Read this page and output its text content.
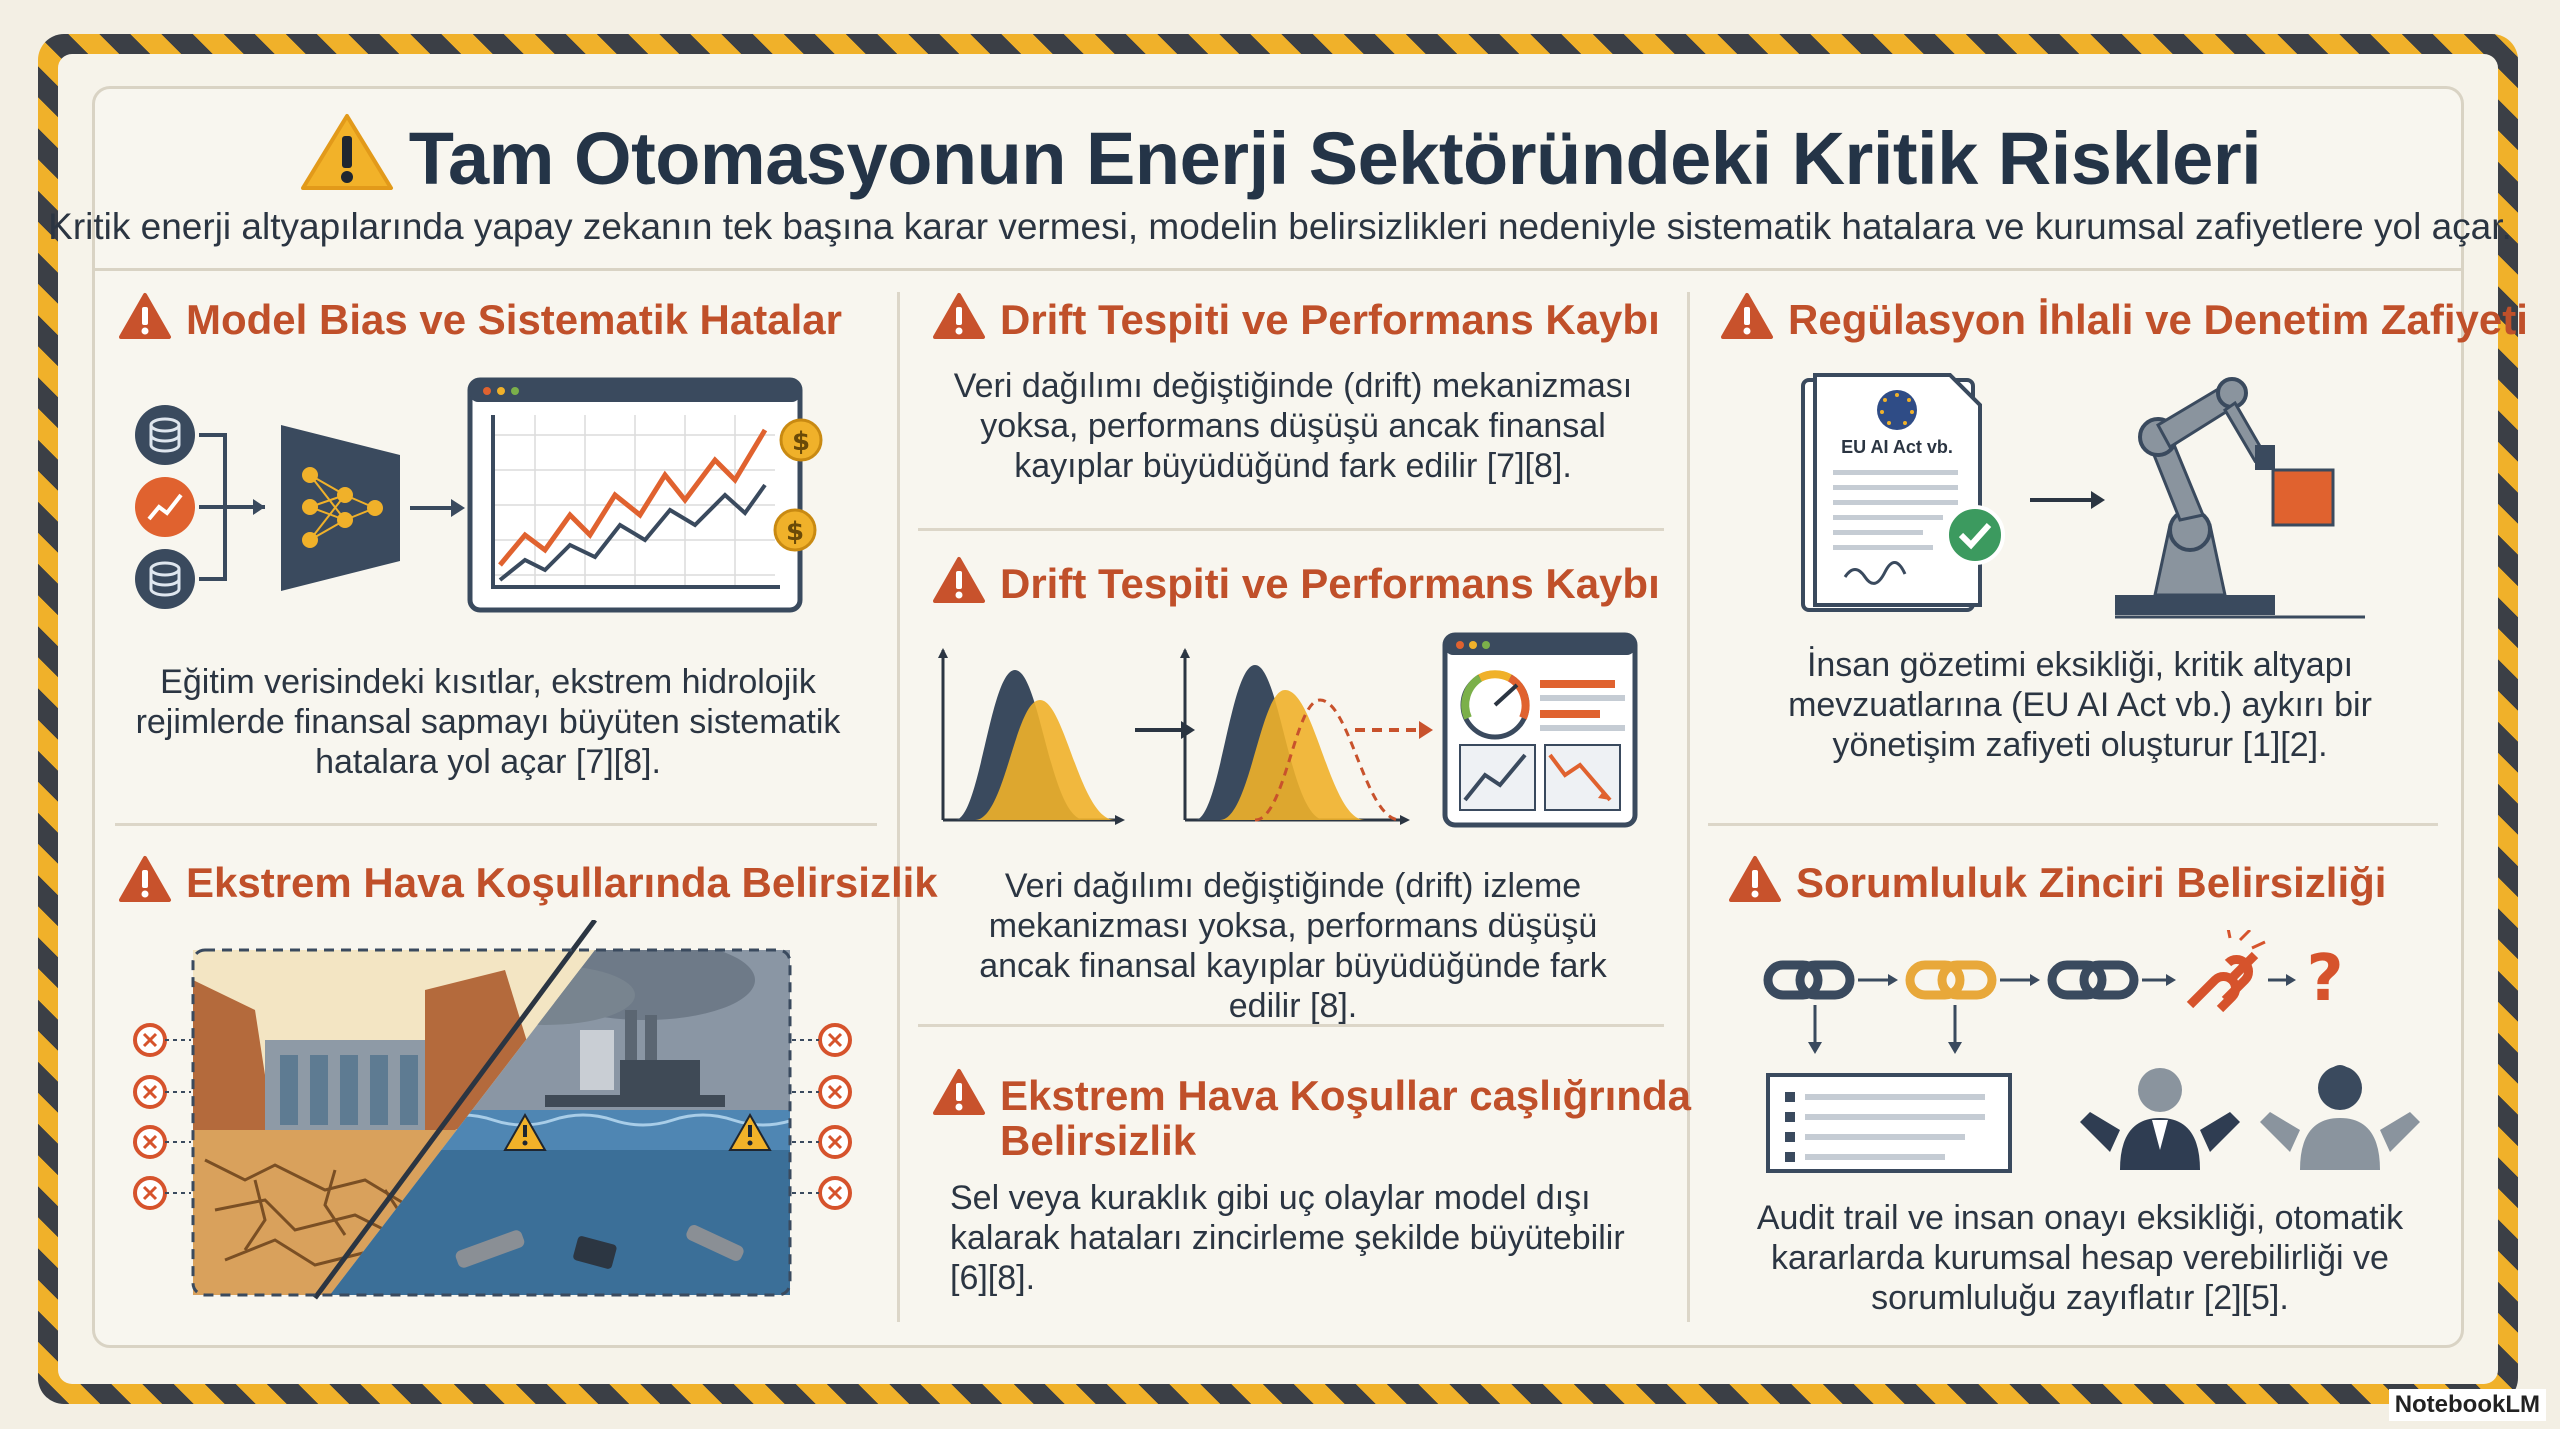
Tam Otomasyonun Enerji Sektöründeki Kritik Riskleri
Kritik enerji altyapılarında yapay zekanın tek başına karar vermesi, modelin belirsizlikleri nedeniyle sistematik hatalara ve kurumsal zafiyetlere yol açar.
Model Bias ve Sistematik Hatalar
$
$
Eğitim verisindeki kısıtlar, ekstrem hidrolojik rejimlerde finansal sapmayı büyüten sistematik hatalara yol açar [7][8].
Ekstrem Hava Koşullarında Belirsizlik
Drift Tespiti ve Performans Kaybı
Veri dağılımı değiştiğinde (drift) mekanizması yoksa, performans düşüşü ancak finansal kayıplar büyüdüğünd fark edilir [7][8].
Drift Tespiti ve Performans Kaybı
Veri dağılımı değiştiğinde (drift) izleme mekanizması yoksa, performans düşüşü ancak finansal kayıplar büyüdüğünde fark edilir [8].
Ekstrem Hava Koşullar caşlığrında
Belirsizlik
Sel veya kuraklık gibi uç olaylar model dışı kalarak hataları zincirleme şekilde büyütebilir [6][8].
Regülasyon İhlali ve Denetim Zafiyeti
EU AI Act vb.
İnsan gözetimi eksikliği, kritik altyapı mevzuatlarına (EU AI Act vb.) aykırı bir yönetişim zafiyeti oluşturur [1][2].
Sorumluluk Zinciri Belirsizliği
?
Audit trail ve insan onayı eksikliği, otomatik kararlarda kurumsal hesap verebilirliği ve sorumluluğu zayıflatır [2][5].
NotebookLM
